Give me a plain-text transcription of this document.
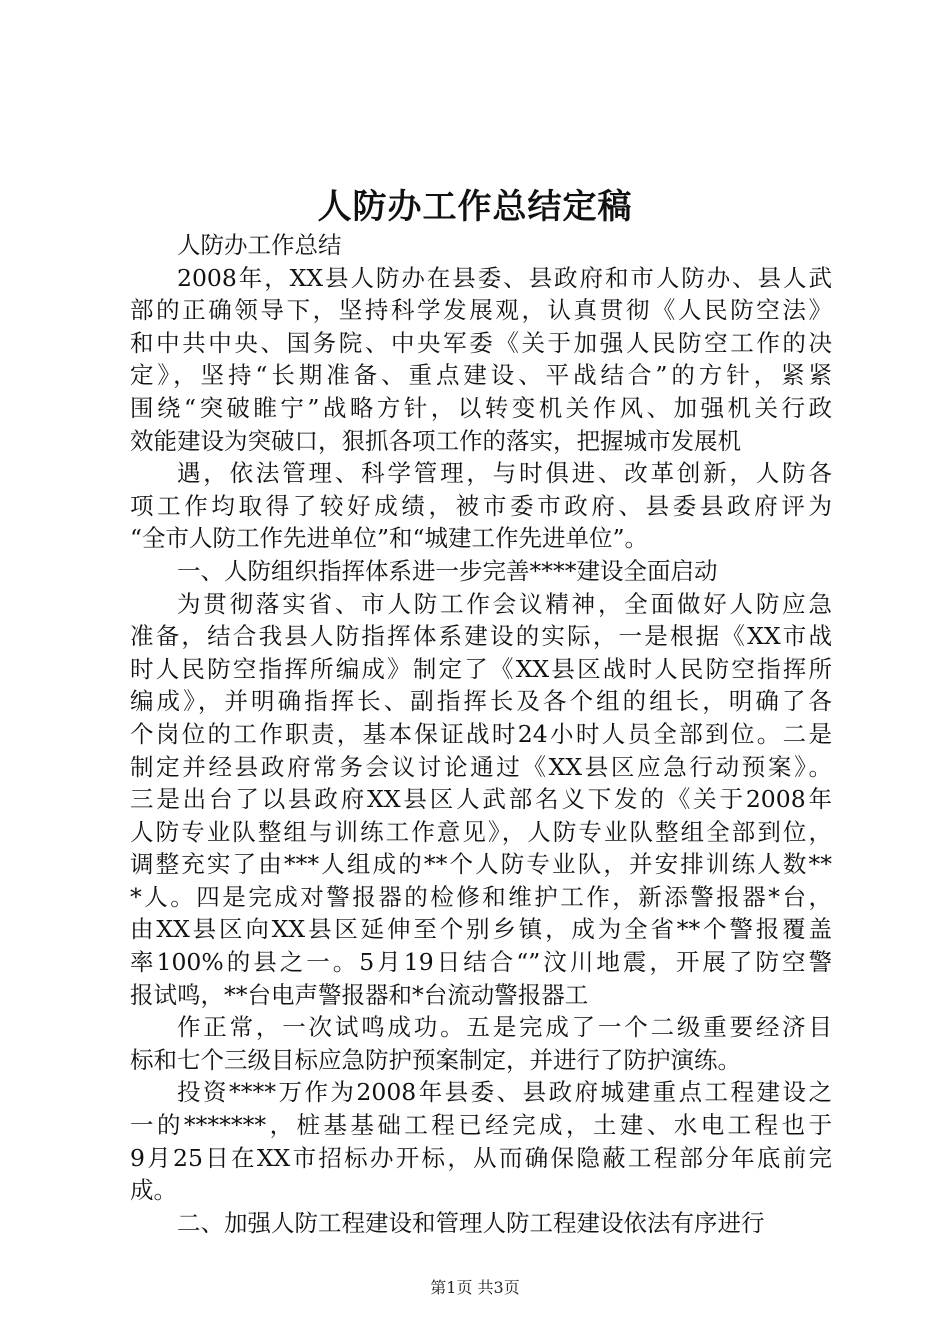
人防办工作总结定稿

人防办工作总结

2008年，XX县人防办在县委、县政府和市人防办、县人武

部的正确领导下，坚持科学发展观，认真贯彻《人民防空法》

和中共中央、国务院、中央军委《关于加强人民防空工作的决

定》，坚持“长期准备、重点建设、平战结合”的方针，紧紧

围绕“突破睢宁”战略方针，以转变机关作风、加强机关行政

效能建设为突破口，狠抓各项工作的落实，把握城市发展机

遇，依法管理、科学管理，与时俱进、改革创新，人防各

项工作均取得了较好成绩，被市委市政府、县委县政府评为

“全市人防工作先进单位”和“城建工作先进单位”。

一、人防组织指挥体系进一步完善****建设全面启动

为贯彻落实省、市人防工作会议精神，全面做好人防应急

准备，结合我县人防指挥体系建设的实际，一是根据《XX市战

时人民防空指挥所编成》制定了《XX县区战时人民防空指挥所

编成》，并明确指挥长、副指挥长及各个组的组长，明确了各

个岗位的工作职责，基本保证战时24小时人员全部到位。二是

制定并经县政府常务会议讨论通过《XX县区应急行动预案》。

三是出台了以县政府XX县区人武部名义下发的《关于2008年

人防专业队整组与训练工作意见》，人防专业队整组全部到位，

调整充实了由***人组成的**个人防专业队，并安排训练人数**

*人。四是完成对警报器的检修和维护工作，新添警报器*台，

由XX县区向XX县区延伸至个别乡镇，成为全省**个警报覆盖

率100%的县之一。5月19日结合“”汶川地震，开展了防空警

报试鸣，**台电声警报器和*台流动警报器工

作正常，一次试鸣成功。五是完成了一个二级重要经济目

标和七个三级目标应急防护预案制定，并进行了防护演练。

投资****万作为2008年县委、县政府城建重点工程建设之

一的*******，桩基基础工程已经完成，土建、水电工程也于

9月25日在XX市招标办开标，从而确保隐蔽工程部分年底前完

成。

二、加强人防工程建设和管理人防工程建设依法有序进行

第1页 共3页
